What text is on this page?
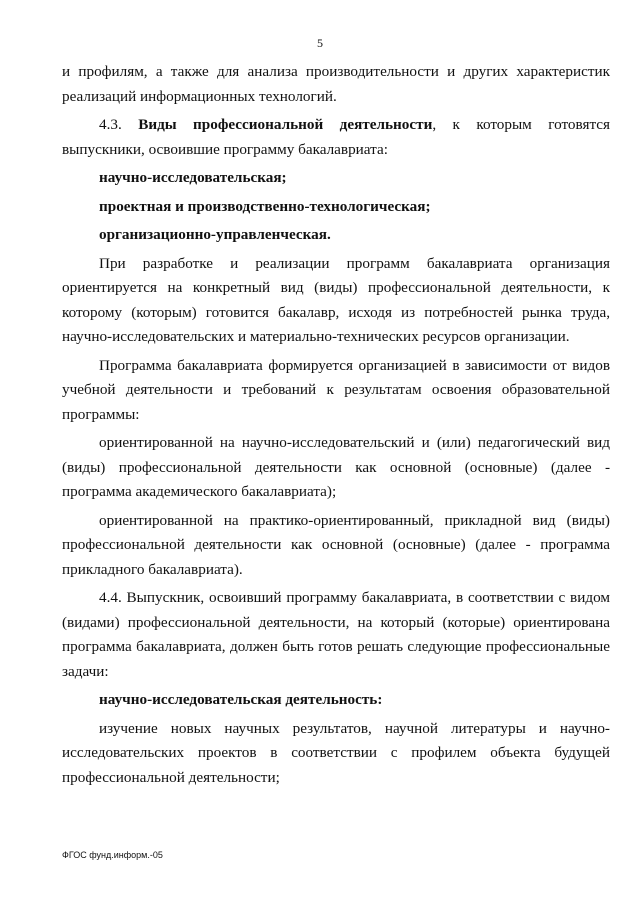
5

и профилям, а также для анализа производительности и других характеристик реализаций информационных технологий.

4.3. Виды профессиональной деятельности, к которым готовятся выпускники, освоившие программу бакалавриата:

научно-исследовательская;

проектная и производственно-технологическая;

организационно-управленческая.

При разработке и реализации программ бакалавриата организация ориентируется на конкретный вид (виды) профессиональной деятельности, к которому (которым) готовится бакалавр, исходя из потребностей рынка труда, научно-исследовательских и материально-технических ресурсов организации.

Программа бакалавриата формируется организацией в зависимости от видов учебной деятельности и требований к результатам освоения образовательной программы:

ориентированной на научно-исследовательский и (или) педагогический вид (виды) профессиональной деятельности как основной (основные) (далее - программа академического бакалавриата);

ориентированной на практико-ориентированный, прикладной вид (виды) профессиональной деятельности как основной (основные) (далее - программа прикладного бакалавриата).

4.4. Выпускник, освоивший программу бакалавриата, в соответствии с видом (видами) профессиональной деятельности, на который (которые) ориентирована программа бакалавриата, должен быть готов решать следующие профессиональные задачи:

научно-исследовательская деятельность:

изучение новых научных результатов, научной литературы и научно-исследовательских проектов в соответствии с профилем объекта будущей профессиональной деятельности;

ФГОС фунд.информ.-05
